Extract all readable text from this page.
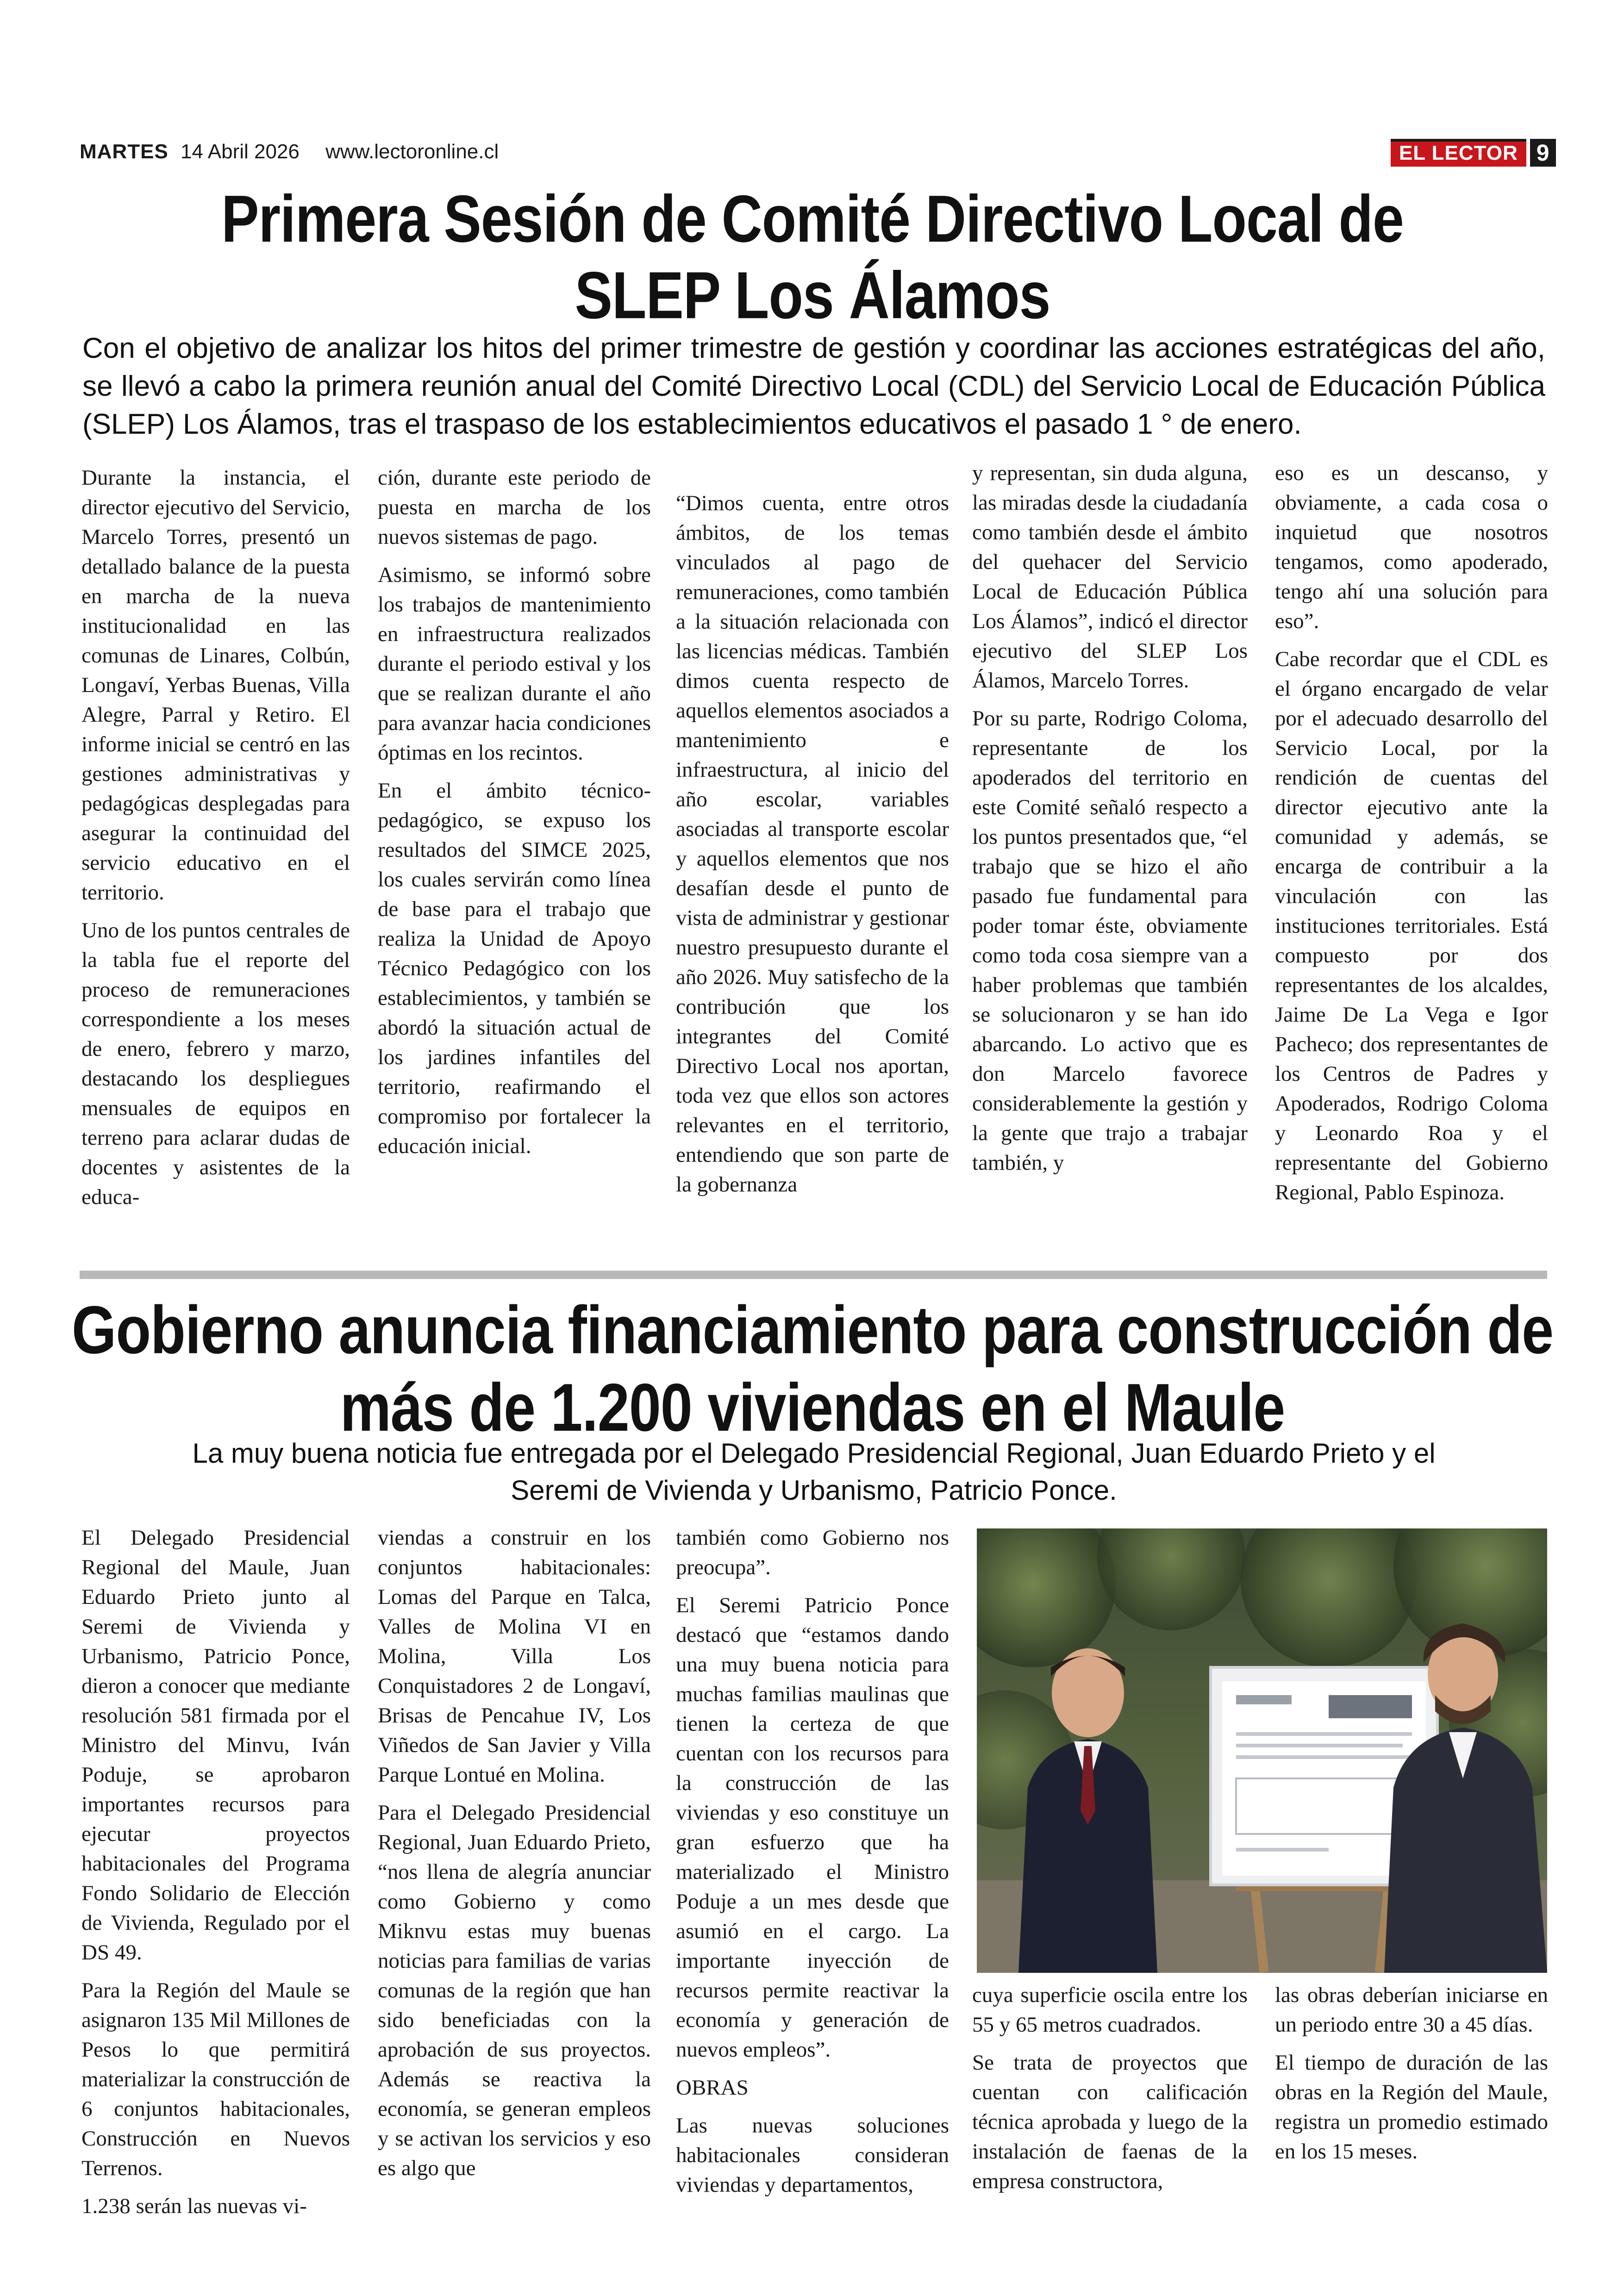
MARTES 14 Abril 2026 www.lectoronline.cl	EL LECTOR 9
Primera Sesión de Comité Directivo Local de
SLEP Los Álamos
Con el objetivo de analizar los hitos del primer trimestre de gestión y coordinar las acciones estratégicas del año, se llevó a cabo la primera reunión anual del Comité Directivo Local (CDL) del Servicio Local de Educación Pública (SLEP) Los Álamos, tras el traspaso de los establecimientos educativos el pasado 1 ° de enero.

Durante la instancia, el director ejecutivo del Servicio, Marcelo Torres, presentó un detallado balance de la puesta en marcha de la nueva institucionalidad en las comunas de Linares, Colbún, Longaví, Yerbas Buenas, Villa Alegre, Parral y Retiro. El informe inicial se centró en las gestiones administrativas y pedagógicas desplegadas para asegurar la continuidad del servicio educativo en el territorio.

Uno de los puntos centrales de la tabla fue el reporte del proceso de remuneraciones correspondiente a los meses de enero, febrero y marzo, destacando los despliegues mensuales de equipos en terreno para aclarar dudas de docentes y asistentes de la educa-

ción, durante este periodo de puesta en marcha de los nuevos sistemas de pago.

Asimismo, se informó sobre los trabajos de mantenimiento en infraestructura realizados durante el periodo estival y los que se realizan durante el año para avanzar hacia condiciones óptimas en los recintos.

En el ámbito técnico-pedagógico, se expuso los resultados del SIMCE 2025, los cuales servirán como línea de base para el trabajo que realiza la Unidad de Apoyo Técnico Pedagógico con los establecimientos, y también se abordó la situación actual de los jardines infantiles del territorio, reafirmando el compromiso por fortalecer la educación inicial.

“Dimos cuenta, entre otros ámbitos, de los temas vinculados al pago de remuneraciones, como también a la situación relacionada con las licencias médicas. También dimos cuenta respecto de aquellos elementos asociados a mantenimiento e infraestructura, al inicio del año escolar, variables asociadas al transporte escolar y aquellos elementos que nos desafían desde el punto de vista de administrar y gestionar nuestro presupuesto durante el año 2026. Muy satisfecho de la contribución que los integrantes del Comité Directivo Local nos aportan, toda vez que ellos son actores relevantes en el territorio, entendiendo que son parte de la gobernanza

y representan, sin duda alguna, las miradas desde la ciudadanía como también desde el ámbito del quehacer del Servicio Local de Educación Pública Los Álamos”, indicó el director ejecutivo del SLEP Los Álamos, Marcelo Torres.

Por su parte, Rodrigo Coloma, representante de los apoderados del territorio en este Comité señaló respecto a los puntos presentados que, “el trabajo que se hizo el año pasado fue fundamental para poder tomar éste, obviamente como toda cosa siempre van a haber problemas que también se solucionaron y se han ido abarcando. Lo activo que es don Marcelo favorece considerablemente la gestión y la gente que trajo a trabajar también, y

eso es un descanso, y obviamente, a cada cosa o inquietud que nosotros tengamos, como apoderado, tengo ahí una solución para eso”.

Cabe recordar que el CDL es el órgano encargado de velar por el adecuado desarrollo del Servicio Local, por la rendición de cuentas del director ejecutivo ante la comunidad y además, se encarga de contribuir a la vinculación con las instituciones territoriales. Está compuesto por dos representantes de los alcaldes, Jaime De La Vega e Igor Pacheco; dos representantes de los Centros de Padres y Apoderados, Rodrigo Coloma y Leonardo Roa y el representante del Gobierno Regional, Pablo Espinoza.

Gobierno anuncia financiamiento para construcción de
más de 1.200 viviendas en el Maule
La muy buena noticia fue entregada por el Delegado Presidencial Regional, Juan Eduardo Prieto y el
Seremi de Vivienda y Urbanismo, Patricio Ponce.

El Delegado Presidencial Regional del Maule, Juan Eduardo Prieto junto al Seremi de Vivienda y Urbanismo, Patricio Ponce, dieron a conocer que mediante resolución 581 firmada por el Ministro del Minvu, Iván Poduje, se aprobaron importantes recursos para ejecutar proyectos habitacionales del Programa Fondo Solidario de Elección de Vivienda, Regulado por el DS 49.

Para la Región del Maule se asignaron 135 Mil Millones de Pesos lo que permitirá materializar la construcción de 6 conjuntos habitacionales, Construcción en Nuevos Terrenos.

1.238 serán las nuevas vi-

viendas a construir en los conjuntos habitacionales: Lomas del Parque en Talca, Valles de Molina VI en Molina, Villa Los Conquistadores 2 de Longaví, Brisas de Pencahue IV, Los Viñedos de San Javier y Villa Parque Lontué en Molina.

Para el Delegado Presidencial Regional, Juan Eduardo Prieto, “nos llena de alegría anunciar como Gobierno y como Miknvu estas muy buenas noticias para familias de varias comunas de la región que han sido beneficiadas con la aprobación de sus proyectos. Además se reactiva la economía, se generan empleos y se activan los servicios y eso es algo que

también como Gobierno nos preocupa”.

El Seremi Patricio Ponce destacó que “estamos dando una muy buena noticia para muchas familias maulinas que tienen la certeza de que cuentan con los recursos para la construcción de las viviendas y eso constituye un gran esfuerzo que ha materializado el Ministro Poduje a un mes desde que asumió en el cargo. La importante inyección de recursos permite reactivar la economía y generación de nuevos empleos”.

OBRAS

Las nuevas soluciones habitacionales consideran viviendas y departamentos,

cuya superficie oscila entre los 55 y 65 metros cuadrados.

Se trata de proyectos que cuentan con calificación técnica aprobada y luego de la instalación de faenas de la empresa constructora,

las obras deberían iniciarse en un periodo entre 30 a 45 días.

El tiempo de duración de las obras en la Región del Maule, registra un promedio estimado en los 15 meses.
